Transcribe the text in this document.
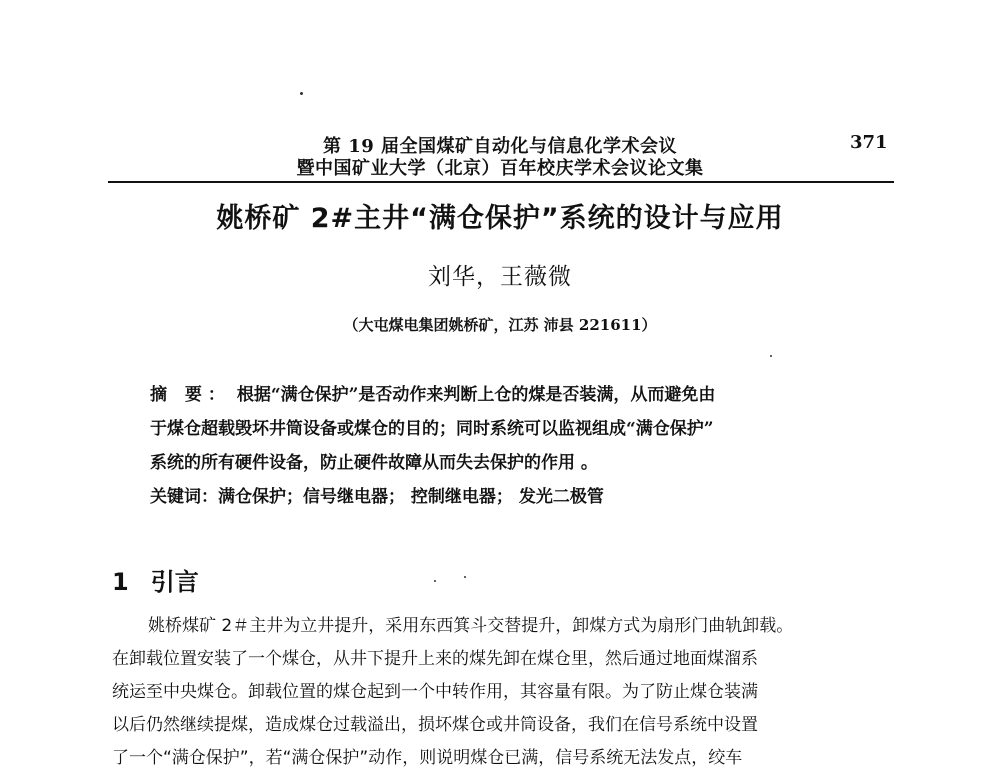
第 19 届全国煤矿自动化与信息化学术会议
暨中国矿业大学（北京）百年校庆学术会议论文集
371
姚桥矿 2#主井“满仓保护”系统的设计与应用
刘华，王薇微
（大屯煤电集团姚桥矿，江苏 沛县 221611）
摘 要： 根据“满仓保护”是否动作来判断上仓的煤是否装满，从而避免由
于煤仓超载毁坏井筒设备或煤仓的目的；同时系统可以监视组成“满仓保护”
系统的所有硬件设备，防止硬件故障从而失去保护的作用 。
关键词：满仓保护；信号继电器； 控制继电器； 发光二极管
1 引言
姚桥煤矿 2＃主井为立井提升，采用东西箕斗交替提升，卸煤方式为扇形门曲轨卸载。
在卸载位置安装了一个煤仓，从井下提升上来的煤先卸在煤仓里，然后通过地面煤溜系
统运至中央煤仓。卸载位置的煤仓起到一个中转作用，其容量有限。为了防止煤仓装满
以后仍然继续提煤，造成煤仓过载溢出，损坏煤仓或井筒设备，我们在信号系统中设置
了一个“满仓保护”，若“满仓保护”动作，则说明煤仓已满，信号系统无法发点，绞车
